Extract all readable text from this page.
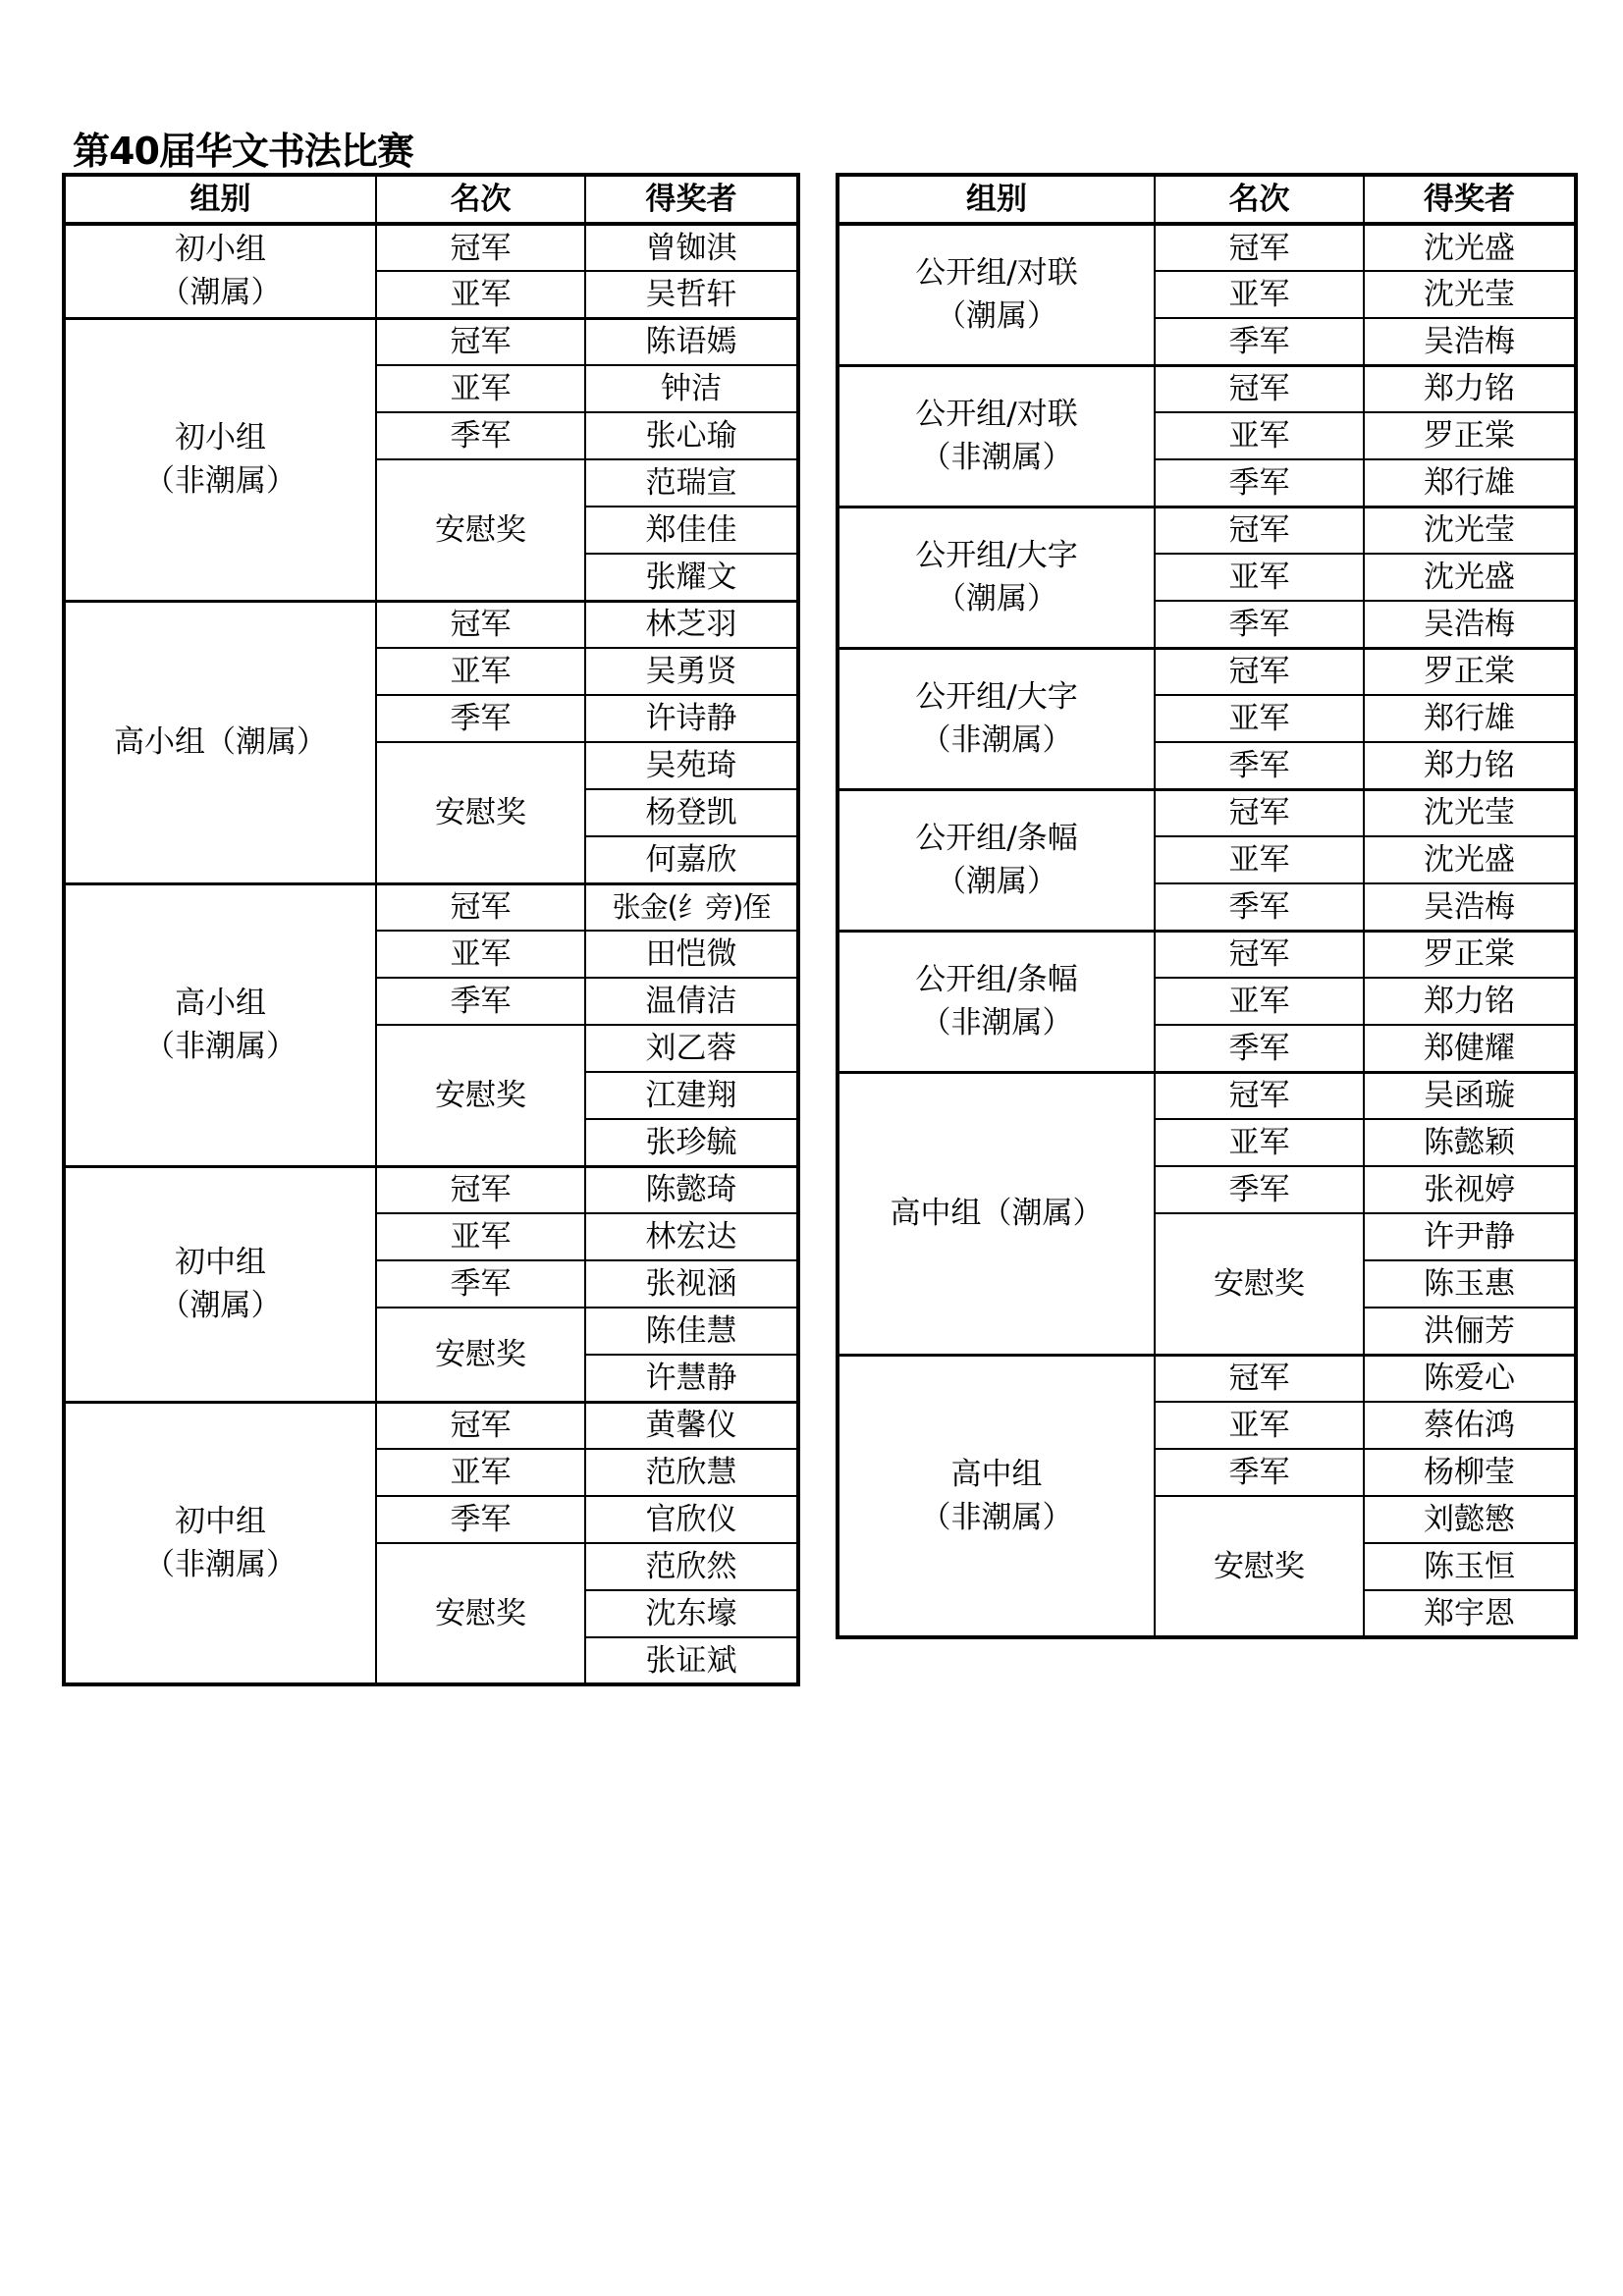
第40届华文书法比赛
组别	名次	得奖者
初小组
（潮属）	冠军	曾铷淇
	亚军	吴哲轩
初小组
（非潮属）	冠军	陈语嫣
	亚军	钟洁
	季军	张心瑜
	安慰奖	范瑞宣
		郑佳佳
		张耀文
高小组（潮属）	冠军	林芝羽
	亚军	吴勇贤
	季军	许诗静
	安慰奖	吴苑琦
		杨登凯
		何嘉欣
高小组
（非潮属）	冠军	张金(纟旁)侄
	亚军	田恺微
	季军	温倩洁
	安慰奖	刘乙蓉
		江建翔
		张珍毓
初中组
（潮属）	冠军	陈懿琦
	亚军	林宏达
	季军	张视涵
	安慰奖	陈佳慧
		许慧静
初中组
（非潮属）	冠军	黄馨仪
	亚军	范欣慧
	季军	官欣仪
	安慰奖	范欣然
		沈东壕
		张证斌
组别	名次	得奖者
公开组/对联
（潮属）	冠军	沈光盛
	亚军	沈光莹
	季军	吴浩梅
公开组/对联
（非潮属）	冠军	郑力铭
	亚军	罗正棠
	季军	郑行雄
公开组/大字
（潮属）	冠军	沈光莹
	亚军	沈光盛
	季军	吴浩梅
公开组/大字
（非潮属）	冠军	罗正棠
	亚军	郑行雄
	季军	郑力铭
公开组/条幅
（潮属）	冠军	沈光莹
	亚军	沈光盛
	季军	吴浩梅
公开组/条幅
（非潮属）	冠军	罗正棠
	亚军	郑力铭
	季军	郑健耀
高中组（潮属）	冠军	吴函璇
	亚军	陈懿颖
	季军	张视婷
	安慰奖	许尹静
		陈玉惠
		洪俪芳
高中组
（非潮属）	冠军	陈爱心
	亚军	蔡佑鸿
	季军	杨柳莹
	安慰奖	刘懿慜
		陈玉恒
		郑宇恩
